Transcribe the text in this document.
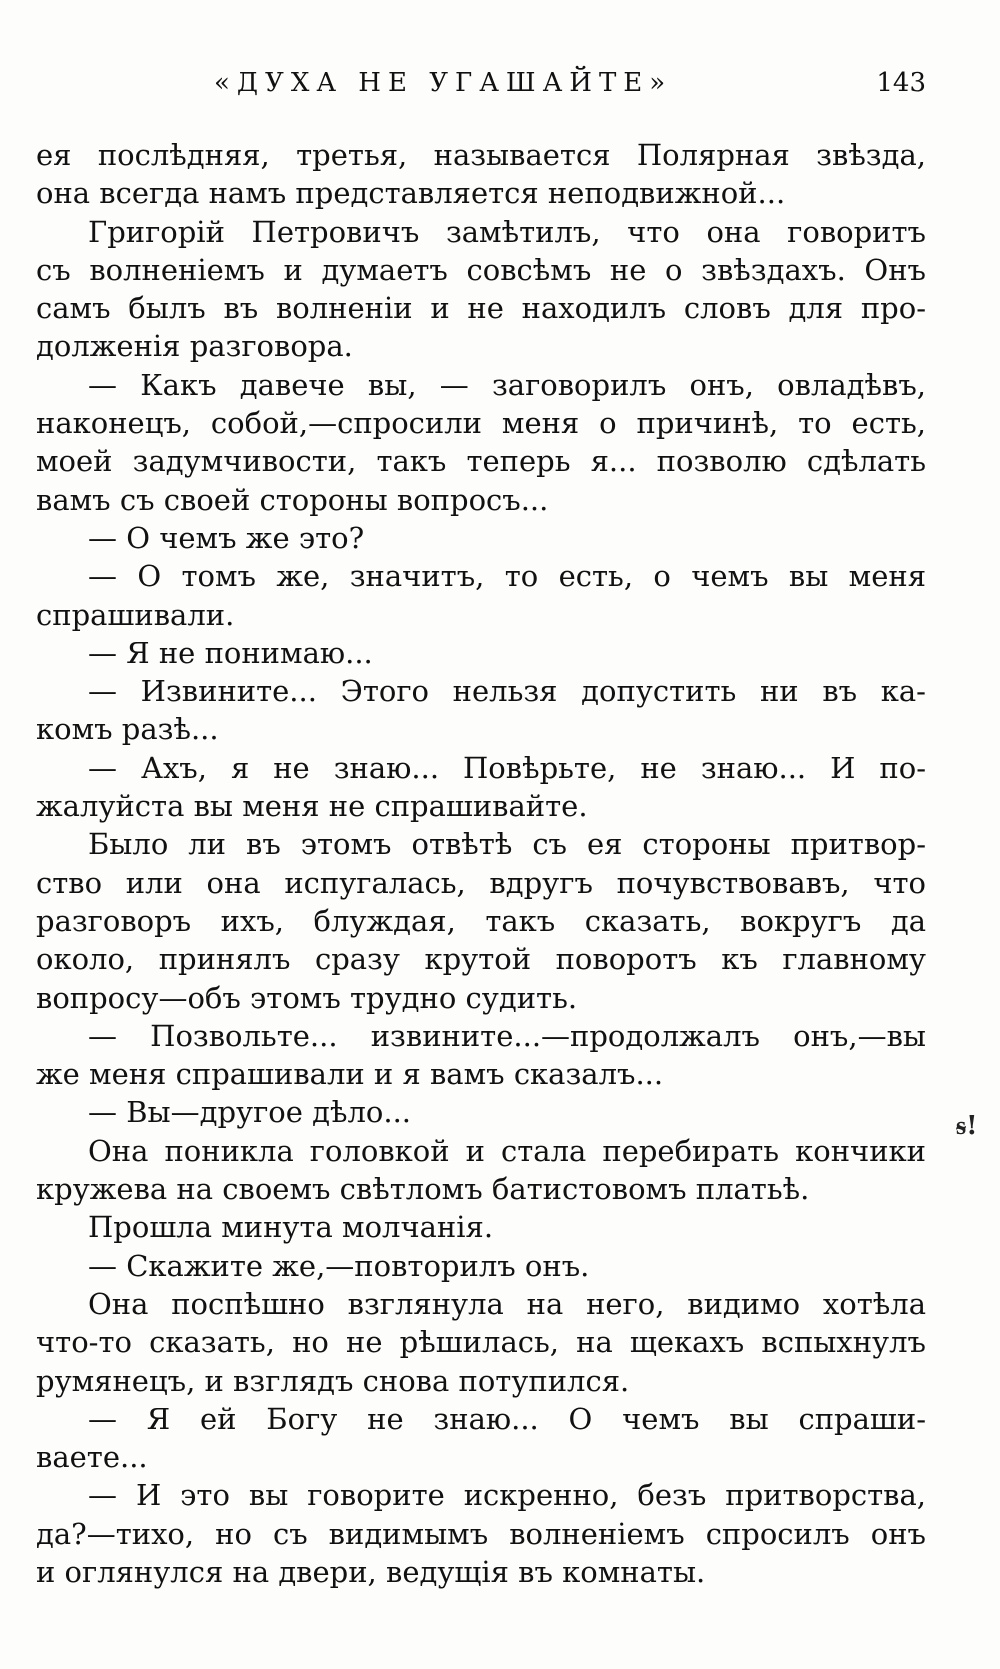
«ДУХА НЕ УГАШАЙТЕ»	143
ея послѣдняя, третья, называется Полярная звѣзда,
она всегда намъ представляется неподвижной...
Григорій Петровичъ замѣтилъ, что она говоритъ
съ волненіемъ и думаетъ совсѣмъ не о звѣздахъ. Онъ
самъ былъ въ волненіи и не находилъ словъ для про-
долженія разговора.
— Какъ давече вы, — заговорилъ онъ, овладѣвъ,
наконецъ, собой,—спросили меня о причинѣ, то есть,
моей задумчивости, такъ теперь я... позволю сдѣлать
вамъ съ своей стороны вопросъ...
— О чемъ же это?
— О томъ же, значитъ, то есть, о чемъ вы меня
спрашивали.
— Я не понимаю...
— Извините... Этого нельзя допустить ни въ ка-
комъ разѣ...
— Ахъ, я не знаю... Повѣрьте, не знаю... И по-
жалуйста вы меня не спрашивайте.
Было ли въ этомъ отвѣтѣ съ ея стороны притвор-
ство или она испугалась, вдругъ почувствовавъ, что
разговоръ ихъ, блуждая, такъ сказать, вокругъ да
около, принялъ сразу крутой поворотъ къ главному
вопросу—объ этомъ трудно судить.
— Позвольте... извините...—продолжалъ онъ,—вы
же меня спрашивали и я вамъ сказалъ...
— Вы—другое дѣло...
Она поникла головкой и стала перебирать кончики
кружева на своемъ свѣтломъ батистовомъ платьѣ.
Прошла минута молчанія.
— Скажите же,—повторилъ онъ.
Она поспѣшно взглянула на него, видимо хотѣла
что-то сказать, но не рѣшилась, на щекахъ вспыхнулъ
румянецъ, и взглядъ снова потупился.
— Я ей Богу не знаю... О чемъ вы спраши-
ваете...
— И это вы говорите искренно, безъ притворства,
да?—тихо, но съ видимымъ волненіемъ спросилъ онъ
и оглянулся на двери, ведущія въ комнаты.
ᵴ!
